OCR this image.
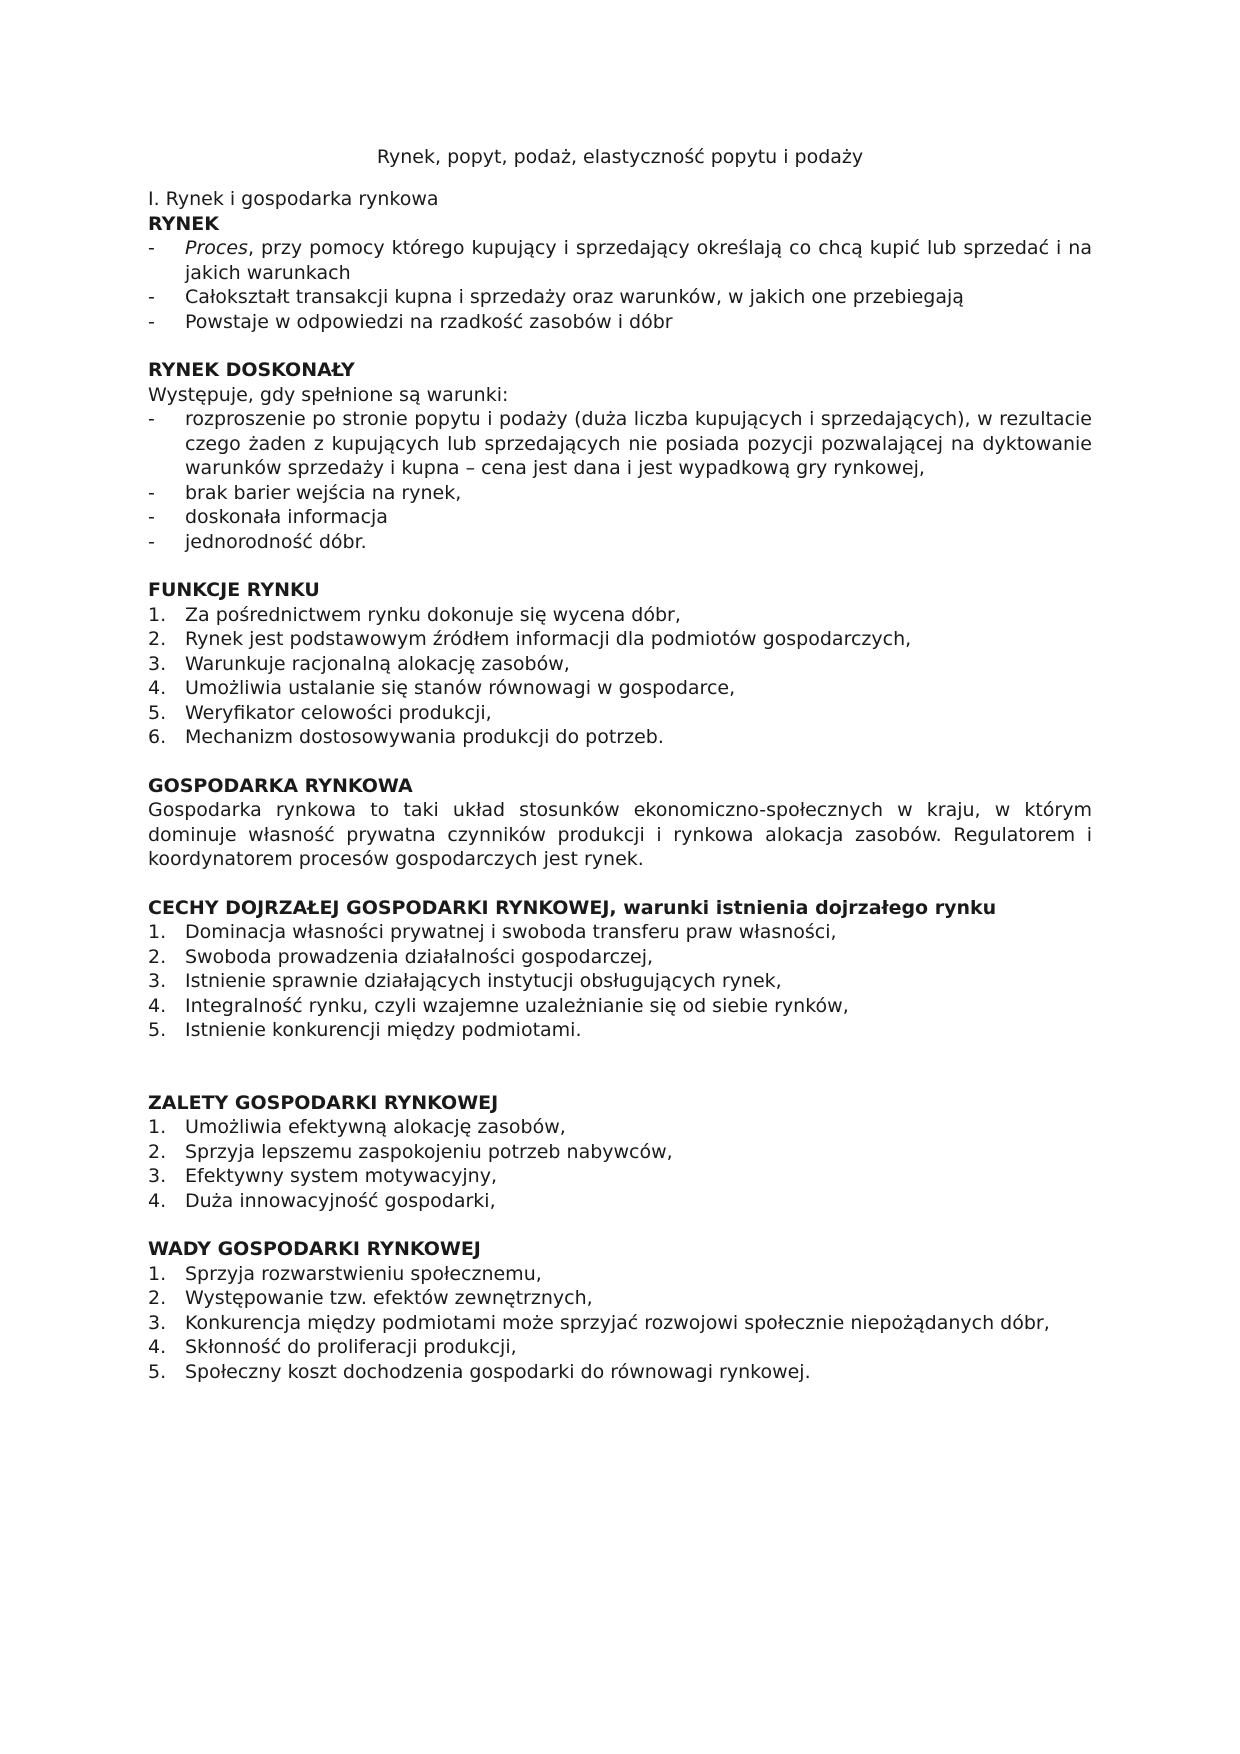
Rynek, popyt, podaż, elastyczność popytu i podaży

I. Rynek i gospodarka rynkowa

RYNEK

- Proces, przy pomocy którego kupujący i sprzedający określają co chcą kupić lub sprzedać i na jakich warunkach
- Całokształt transakcji kupna i sprzedaży oraz warunków, w jakich one przebiegają
- Powstaje w odpowiedzi na rzadkość zasobów i dóbr

RYNEK DOSKONAŁY

Występuje, gdy spełnione są warunki:

- rozproszenie po stronie popytu i podaży (duża liczba kupujących i sprzedających), w rezultacie czego żaden z kupujących lub sprzedających nie posiada pozycji pozwalającej na dyktowanie warunków sprzedaży i kupna – cena jest dana i jest wypadkową gry rynkowej,
- brak barier wejścia na rynek,
- doskonała informacja
- jednorodność dóbr.

FUNKCJE RYNKU

1. Za pośrednictwem rynku dokonuje się wycena dóbr,
2. Rynek jest podstawowym źródłem informacji dla podmiotów gospodarczych,
3. Warunkuje racjonalną alokację zasobów,
4. Umożliwia ustalanie się stanów równowagi w gospodarce,
5. Weryfikator celowości produkcji,
6. Mechanizm dostosowywania produkcji do potrzeb.

GOSPODARKA RYNKOWA

Gospodarka rynkowa to taki układ stosunków ekonomiczno-społecznych w kraju, w którym dominuje własność prywatna czynników produkcji i rynkowa alokacja zasobów. Regulatorem i koordynatorem procesów gospodarczych jest rynek.

CECHY DOJRZAŁEJ GOSPODARKI RYNKOWEJ, warunki istnienia dojrzałego rynku

1. Dominacja własności prywatnej i swoboda transferu praw własności,
2. Swoboda prowadzenia działalności gospodarczej,
3. Istnienie sprawnie działających instytucji obsługujących rynek,
4. Integralność rynku, czyli wzajemne uzależnianie się od siebie rynków,
5. Istnienie konkurencji między podmiotami.

ZALETY GOSPODARKI RYNKOWEJ

1. Umożliwia efektywną alokację zasobów,
2. Sprzyja lepszemu zaspokojeniu potrzeb nabywców,
3. Efektywny system motywacyjny,
4. Duża innowacyjność gospodarki,

WADY GOSPODARKI RYNKOWEJ

1. Sprzyja rozwarstwieniu społecznemu,
2. Występowanie tzw. efektów zewnętrznych,
3. Konkurencja między podmiotami może sprzyjać rozwojowi społecznie niepożądanych dóbr,
4. Skłonność do proliferacji produkcji,
5. Społeczny koszt dochodzenia gospodarki do równowagi rynkowej.
